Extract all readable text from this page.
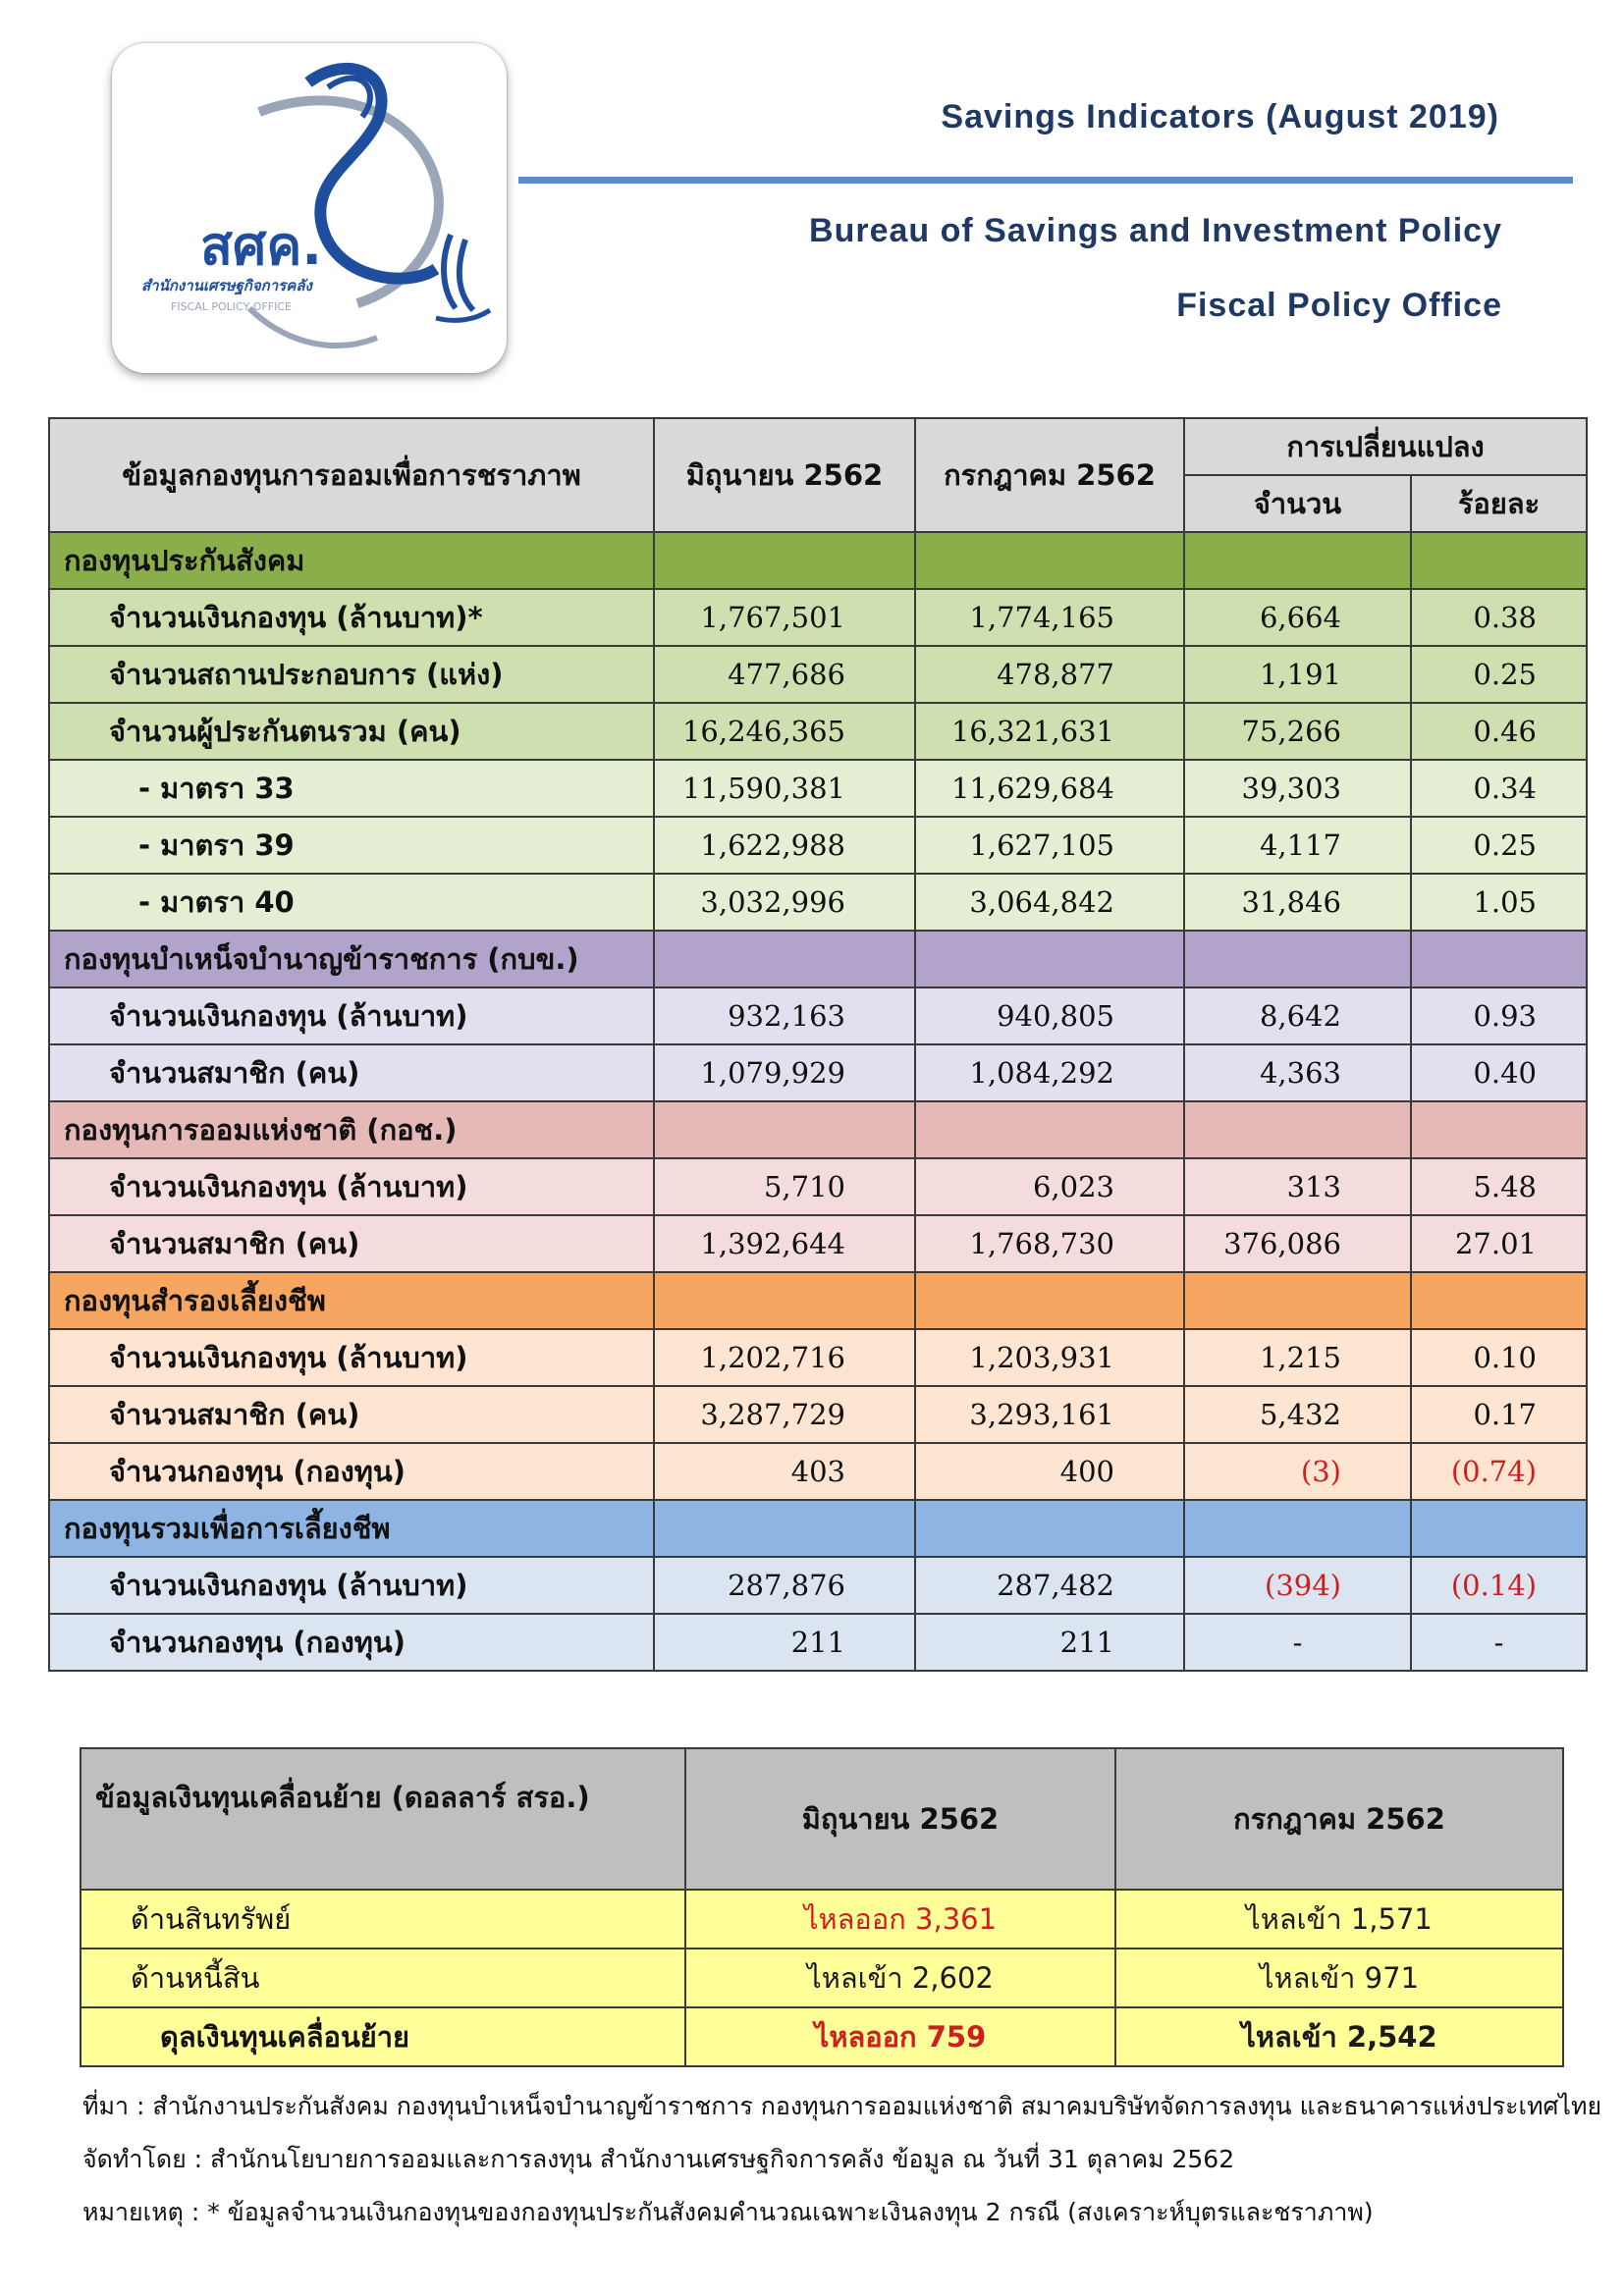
สศค.
สำนักงานเศรษฐกิจการคลัง
FISCAL POLICY OFFICE
Savings Indicators (August 2019)
Bureau of Savings and Investment Policy
Fiscal Policy Office
ข้อมูลกองทุนการออมเพื่อการชราภาพ	มิถุนายน 2562	กรกฎาคม 2562	การเปลี่ยนแปลง	
			จำนวน	ร้อยละ
กองทุนประกันสังคม				
จำนวนเงินกองทุน (ล้านบาท)*	1,767,501	1,774,165	6,664	0.38
จำนวนสถานประกอบการ (แห่ง)	477,686	478,877	1,191	0.25
จำนวนผู้ประกันตนรวม (คน)	16,246,365	16,321,631	75,266	0.46
- มาตรา 33	11,590,381	11,629,684	39,303	0.34
- มาตรา 39	1,622,988	1,627,105	4,117	0.25
- มาตรา 40	3,032,996	3,064,842	31,846	1.05
กองทุนบำเหน็จบำนาญข้าราชการ (กบข.)				
จำนวนเงินกองทุน (ล้านบาท)	932,163	940,805	8,642	0.93
จำนวนสมาชิก (คน)	1,079,929	1,084,292	4,363	0.40
กองทุนการออมแห่งชาติ (กอช.)				
จำนวนเงินกองทุน (ล้านบาท)	5,710	6,023	313	5.48
จำนวนสมาชิก (คน)	1,392,644	1,768,730	376,086	27.01
กองทุนสำรองเลี้ยงชีพ				
จำนวนเงินกองทุน (ล้านบาท)	1,202,716	1,203,931	1,215	0.10
จำนวนสมาชิก (คน)	3,287,729	3,293,161	5,432	0.17
จำนวนกองทุน (กองทุน)	403	400	(3)	(0.74)
กองทุนรวมเพื่อการเลี้ยงชีพ				
จำนวนเงินกองทุน (ล้านบาท)	287,876	287,482	(394)	(0.14)
จำนวนกองทุน (กองทุน)	211	211	-	-
ข้อมูลเงินทุนเคลื่อนย้าย (ดอลลาร์ สรอ.)	มิถุนายน 2562	กรกฎาคม 2562
ด้านสินทรัพย์	ไหลออก 3,361	ไหลเข้า 1,571
ด้านหนี้สิน	ไหลเข้า 2,602	ไหลเข้า 971
ดุลเงินทุนเคลื่อนย้าย	ไหลออก 759	ไหลเข้า 2,542

ที่มา : สำนักงานประกันสังคม กองทุนบำเหน็จบำนาญข้าราชการ กองทุนการออมแห่งชาติ สมาคมบริษัทจัดการลงทุน และธนาคารแห่งประเทศไทย

จัดทำโดย : สำนักนโยบายการออมและการลงทุน สำนักงานเศรษฐกิจการคลัง ข้อมูล ณ วันที่ 31 ตุลาคม 2562

หมายเหตุ : * ข้อมูลจำนวนเงินกองทุนของกองทุนประกันสังคมคำนวณเฉพาะเงินลงทุน 2 กรณี (สงเคราะห์บุตรและชราภาพ)
